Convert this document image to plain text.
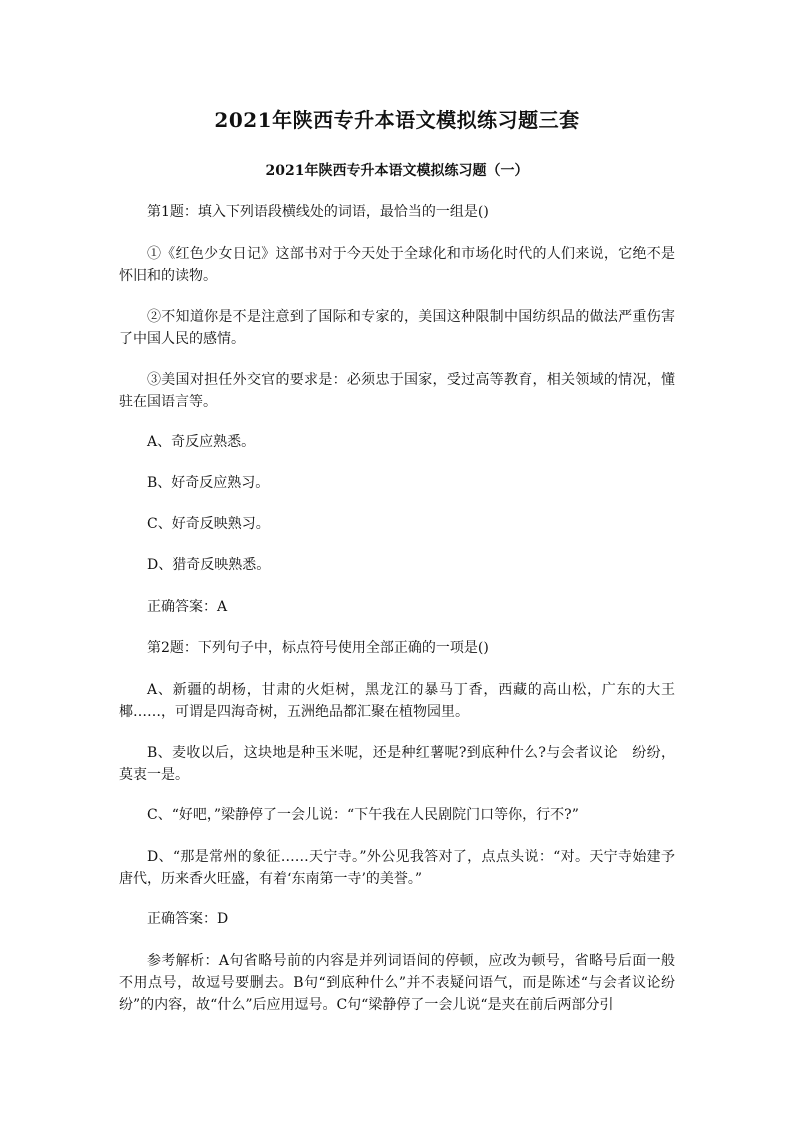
2021年陕西专升本语文模拟练习题三套
2021年陕西专升本语文模拟练习题（一）

第1题：填入下列语段横线处的词语，最恰当的一组是()

①《红色少女日记》这部书对于今天处于全球化和市场化时代的人们来说，它绝不是怀旧和的读物。

②不知道你是不是注意到了国际和专家的，美国这种限制中国纺织品的做法严重伤害了中国人民的感情。

③美国对担任外交官的要求是：必须忠于国家，受过高等教育，相关领域的情况，懂驻在国语言等。

A、奇反应熟悉。

B、好奇反应熟习。

C、好奇反映熟习。

D、猎奇反映熟悉。

正确答案：A

第2题：下列句子中，标点符号使用全部正确的一项是()

A、新疆的胡杨，甘肃的火炬树，黑龙江的暴马丁香，西藏的高山松，广东的大王椰……，可谓是四海奇树，五洲绝品都汇聚在植物园里。

B、麦收以后，这块地是种玉米呢，还是种红薯呢?到底种什么?与会者议论　纷纷，莫衷一是。

C、“好吧，”梁静停了一会儿说：“下午我在人民剧院门口等你，行不?”

D、“那是常州的象征……天宁寺。”外公见我答对了，点点头说：“对。天宁寺始建予唐代，历来香火旺盛，有着‘东南第一寺’的美誉。”

正确答案：D

参考解析：A句省略号前的内容是并列词语间的停顿，应改为顿号，省略号后面一般不用点号，故逗号要删去。B句“到底种什么”并不表疑问语气，而是陈述“与会者议论纷纷”的内容，故“什么”后应用逗号。C句“梁静停了一会儿说“是夹在前后两部分引
